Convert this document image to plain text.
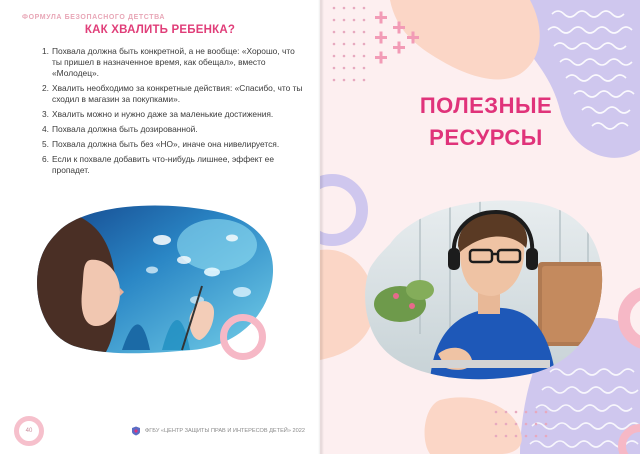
ФОРМУЛА БЕЗОПАСНОГО ДЕТСТВА
КАК ХВАЛИТЬ РЕБЕНКА?
1. Похвала должна быть конкретной, а не вообще: «Хорошо, что ты пришел в назначенное время, как обещал», вместо «Молодец».
2. Хвалить необходимо за конкретные действия: «Спасибо, что ты сходил в магазин за покупками».
3. Хвалить можно и нужно даже за маленькие достижения.
4. Похвала должна быть дозированной.
5. Похвала должна быть без «НО», иначе она нивелируется.
6. Если к похвале добавить что-нибудь лишнее, эффект ее пропадет.
40	ФГБУ «ЦЕНТР ЗАЩИТЫ ПРАВ И ИНТЕРЕСОВ ДЕТЕЙ» 2022
ПОЛЕЗНЫЕ
РЕСУРСЫ
